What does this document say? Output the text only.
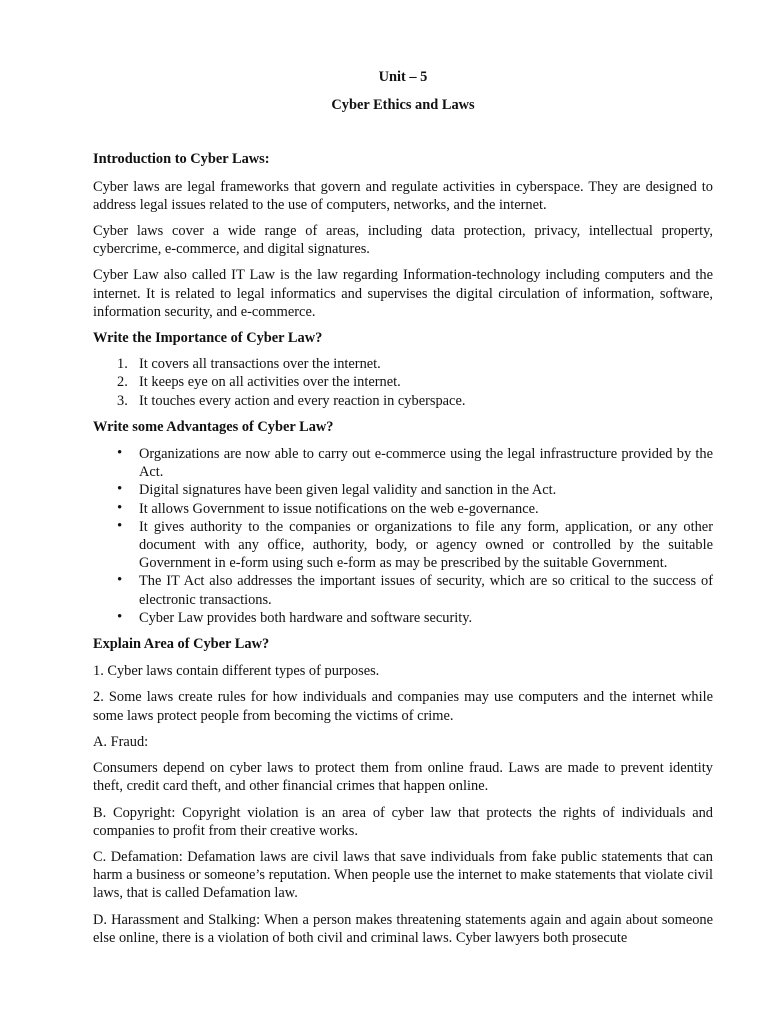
Unit – 5
Cyber Ethics and Laws
Introduction to Cyber Laws:

Cyber laws are legal frameworks that govern and regulate activities in cyberspace. They are designed to address legal issues related to the use of computers, networks, and the internet.

Cyber laws cover a wide range of areas, including data protection, privacy, intellectual property, cybercrime, e-commerce, and digital signatures.

Cyber Law also called IT Law is the law regarding Information-technology including computers and the internet. It is related to legal informatics and supervises the digital circulation of information, software, information security, and e-commerce.

Write the Importance of Cyber Law?
1. It covers all transactions over the internet.
2. It keeps eye on all activities over the internet.
3. It touches every action and every reaction in cyberspace.
Write some Advantages of Cyber Law?
• Organizations are now able to carry out e-commerce using the legal infrastructure provided by the Act.
• Digital signatures have been given legal validity and sanction in the Act.
• It allows Government to issue notifications on the web e-governance.
• It gives authority to the companies or organizations to file any form, application, or any other document with any office, authority, body, or agency owned or controlled by the suitable Government in e-form using such e-form as may be prescribed by the suitable Government.
• The IT Act also addresses the important issues of security, which are so critical to the success of electronic transactions.
• Cyber Law provides both hardware and software security.
Explain Area of Cyber Law?

1. Cyber laws contain different types of purposes.

2. Some laws create rules for how individuals and companies may use computers and the internet while some laws protect people from becoming the victims of crime.

A. Fraud:

Consumers depend on cyber laws to protect them from online fraud. Laws are made to prevent identity theft, credit card theft, and other financial crimes that happen online.

B. Copyright: Copyright violation is an area of cyber law that protects the rights of individuals and companies to profit from their creative works.

C. Defamation: Defamation laws are civil laws that save individuals from fake public statements that can harm a business or someone’s reputation. When people use the internet to make statements that violate civil laws, that is called Defamation law.

D. Harassment and Stalking: When a person makes threatening statements again and again about someone else online, there is a violation of both civil and criminal laws. Cyber lawyers both prosecute
